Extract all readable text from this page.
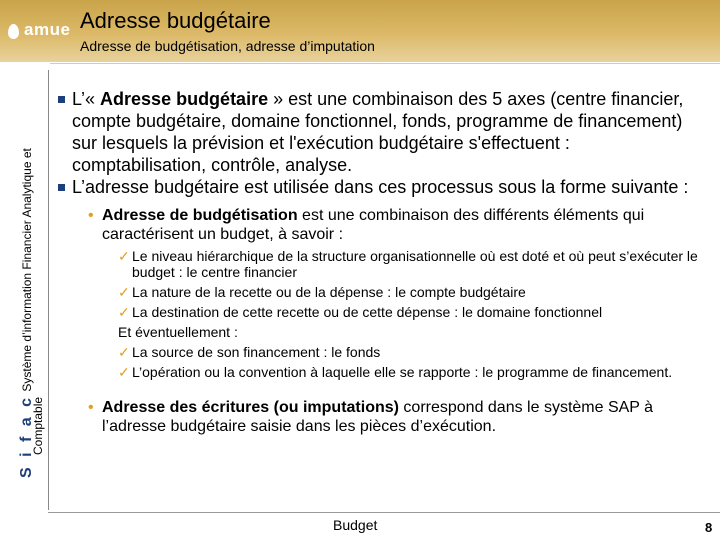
amue Adresse budgétaire
Adresse de budgétisation, adresse d’imputation
S i f a c Système d’information Financier Analytique et
Comptable
L’« Adresse budgétaire » est une combinaison des 5 axes (centre financier, compte budgétaire, domaine fonctionnel, fonds, programme de financement) sur lesquels la prévision et l'exécution budgétaire s'effectuent : comptabilisation, contrôle, analyse.
L’adresse budgétaire est utilisée dans ces processus sous la forme suivante :
• Adresse de budgétisation est une combinaison des différents éléments qui caractérisent un budget, à savoir :
✓ Le niveau hiérarchique de la structure organisationnelle où est doté et où peut s’exécuter le budget : le centre financier
✓ La nature de la recette ou de la dépense : le compte budgétaire
✓ La destination de cette recette ou de cette dépense : le domaine fonctionnel
Et éventuellement :
✓ La source de son financement : le fonds
✓ L’opération ou la convention à laquelle elle se rapporte : le programme de financement.
• Adresse des écritures (ou imputations) correspond dans le système SAP à l’adresse budgétaire saisie dans les pièces d’exécution.
Budget	8
